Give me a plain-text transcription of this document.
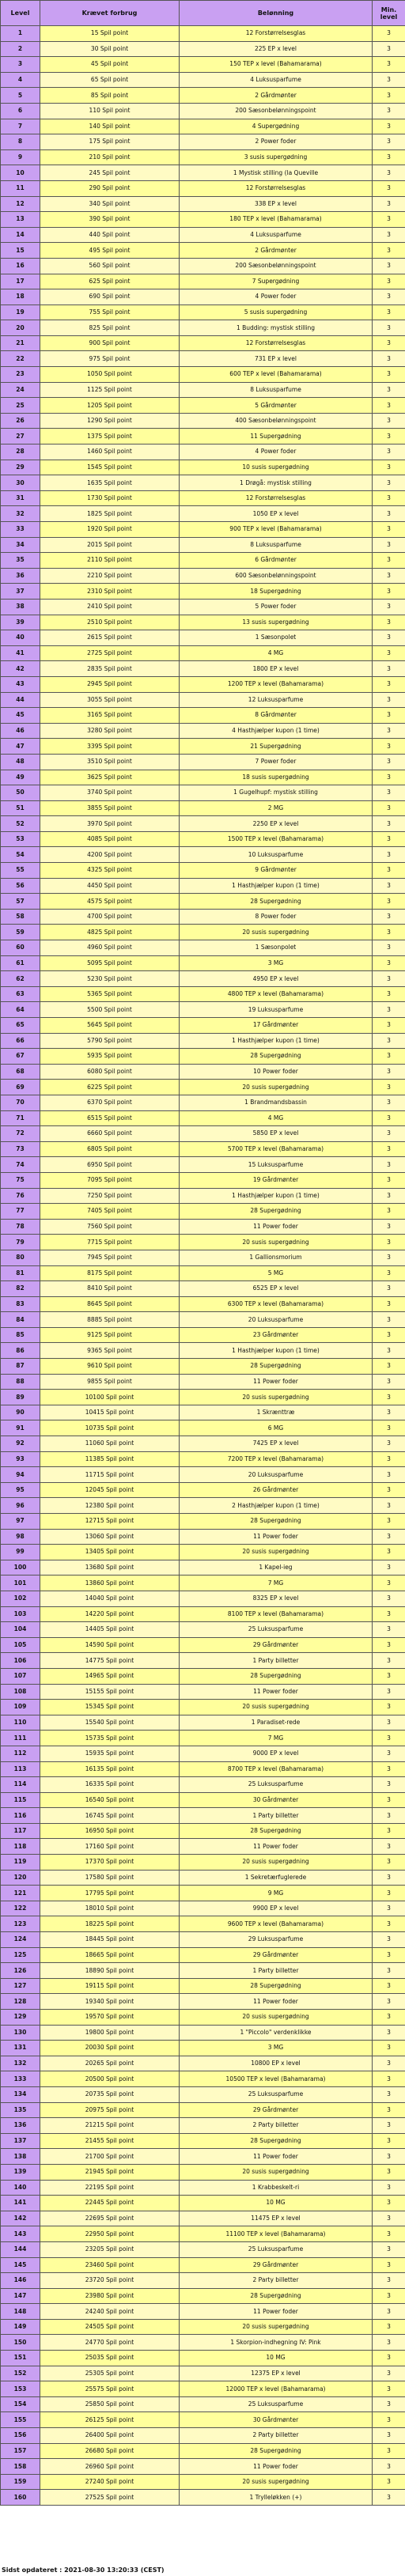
Level	Krævet forbrug	Belønning	Min.
level
1	15 Spil point	12 Forstørrelsesglas	3
2	30 Spil point	225 EP x level	3
3	45 Spil point	150 TEP x level (Bahamarama)	3
4	65 Spil point	4 Luksusparfume	3
5	85 Spil point	2 Gårdmønter	3
6	110 Spil point	200 Sæsonbelønningspoint	3
7	140 Spil point	4 Supergødning	3
8	175 Spil point	2 Power foder	3
9	210 Spil point	3 susis supergødning	3
10	245 Spil point	1 Mystisk stilling (la Queville	3
11	290 Spil point	12 Forstørrelsesglas	3
12	340 Spil point	338 EP x level	3
13	390 Spil point	180 TEP x level (Bahamarama)	3
14	440 Spil point	4 Luksusparfume	3
15	495 Spil point	2 Gårdmønter	3
16	560 Spil point	200 Sæsonbelønningspoint	3
17	625 Spil point	7 Supergødning	3
18	690 Spil point	4 Power foder	3
19	755 Spil point	5 susis supergødning	3
20	825 Spil point	1 Budding: mystisk stilling	3
21	900 Spil point	12 Forstørrelsesglas	3
22	975 Spil point	731 EP x level	3
23	1050 Spil point	600 TEP x level (Bahamarama)	3
24	1125 Spil point	8 Luksusparfume	3
25	1205 Spil point	5 Gårdmønter	3
26	1290 Spil point	400 Sæsonbelønningspoint	3
27	1375 Spil point	11 Supergødning	3
28	1460 Spil point	4 Power foder	3
29	1545 Spil point	10 susis supergødning	3
30	1635 Spil point	1 Drøgå: mystisk stilling	3
31	1730 Spil point	12 Forstørrelsesglas	3
32	1825 Spil point	1050 EP x level	3
33	1920 Spil point	900 TEP x level (Bahamarama)	3
34	2015 Spil point	8 Luksusparfume	3
35	2110 Spil point	6 Gårdmønter	3
36	2210 Spil point	600 Sæsonbelønningspoint	3
37	2310 Spil point	18 Supergødning	3
38	2410 Spil point	5 Power foder	3
39	2510 Spil point	13 susis supergødning	3
40	2615 Spil point	1 Sæsonpolet	3
41	2725 Spil point	4 MG	3
42	2835 Spil point	1800 EP x level	3
43	2945 Spil point	1200 TEP x level (Bahamarama)	3
44	3055 Spil point	12 Luksusparfume	3
45	3165 Spil point	8 Gårdmønter	3
46	3280 Spil point	4 Hasthjælper kupon (1 time)	3
47	3395 Spil point	21 Supergødning	3
48	3510 Spil point	7 Power foder	3
49	3625 Spil point	18 susis supergødning	3
50	3740 Spil point	1 Gugelhupf: mystisk stilling	3
51	3855 Spil point	2 MG	3
52	3970 Spil point	2250 EP x level	3
53	4085 Spil point	1500 TEP x level (Bahamarama)	3
54	4200 Spil point	10 Luksusparfume	3
55	4325 Spil point	9 Gårdmønter	3
56	4450 Spil point	1 Hasthjælper kupon (1 time)	3
57	4575 Spil point	28 Supergødning	3
58	4700 Spil point	8 Power foder	3
59	4825 Spil point	20 susis supergødning	3
60	4960 Spil point	1 Sæsonpolet	3
61	5095 Spil point	3 MG	3
62	5230 Spil point	4950 EP x level	3
63	5365 Spil point	4800 TEP x level (Bahamarama)	3
64	5500 Spil point	19 Luksusparfume	3
65	5645 Spil point	17 Gårdmønter	3
66	5790 Spil point	1 Hasthjælper kupon (1 time)	3
67	5935 Spil point	28 Supergødning	3
68	6080 Spil point	10 Power foder	3
69	6225 Spil point	20 susis supergødning	3
70	6370 Spil point	1 Brandmandsbassin	3
71	6515 Spil point	4 MG	3
72	6660 Spil point	5850 EP x level	3
73	6805 Spil point	5700 TEP x level (Bahamarama)	3
74	6950 Spil point	15 Luksusparfume	3
75	7095 Spil point	19 Gårdmønter	3
76	7250 Spil point	1 Hasthjælper kupon (1 time)	3
77	7405 Spil point	28 Supergødning	3
78	7560 Spil point	11 Power foder	3
79	7715 Spil point	20 susis supergødning	3
80	7945 Spil point	1 Gallionsmorium	3
81	8175 Spil point	5 MG	3
82	8410 Spil point	6525 EP x level	3
83	8645 Spil point	6300 TEP x level (Bahamarama)	3
84	8885 Spil point	20 Luksusparfume	3
85	9125 Spil point	23 Gårdmønter	3
86	9365 Spil point	1 Hasthjælper kupon (1 time)	3
87	9610 Spil point	28 Supergødning	3
88	9855 Spil point	11 Power foder	3
89	10100 Spil point	20 susis supergødning	3
90	10415 Spil point	1 Skrænttræ	3
91	10735 Spil point	6 MG	3
92	11060 Spil point	7425 EP x level	3
93	11385 Spil point	7200 TEP x level (Bahamarama)	3
94	11715 Spil point	20 Luksusparfume	3
95	12045 Spil point	26 Gårdmønter	3
96	12380 Spil point	2 Hasthjælper kupon (1 time)	3
97	12715 Spil point	28 Supergødning	3
98	13060 Spil point	11 Power foder	3
99	13405 Spil point	20 susis supergødning	3
100	13680 Spil point	1 Kapel-ieg	3
101	13860 Spil point	7 MG	3
102	14040 Spil point	8325 EP x level	3
103	14220 Spil point	8100 TEP x level (Bahamarama)	3
104	14405 Spil point	25 Luksusparfume	3
105	14590 Spil point	29 Gårdmønter	3
106	14775 Spil point	1 Party billetter	3
107	14965 Spil point	28 Supergødning	3
108	15155 Spil point	11 Power foder	3
109	15345 Spil point	20 susis supergødning	3
110	15540 Spil point	1 Paradiset-rede	3
111	15735 Spil point	7 MG	3
112	15935 Spil point	9000 EP x level	3
113	16135 Spil point	8700 TEP x level (Bahamarama)	3
114	16335 Spil point	25 Luksusparfume	3
115	16540 Spil point	30 Gårdmønter	3
116	16745 Spil point	1 Party billetter	3
117	16950 Spil point	28 Supergødning	3
118	17160 Spil point	11 Power foder	3
119	17370 Spil point	20 susis supergødning	3
120	17580 Spil point	1 Sekretærfuglerede	3
121	17795 Spil point	9 MG	3
122	18010 Spil point	9900 EP x level	3
123	18225 Spil point	9600 TEP x level (Bahamarama)	3
124	18445 Spil point	29 Luksusparfume	3
125	18665 Spil point	29 Gårdmønter	3
126	18890 Spil point	1 Party billetter	3
127	19115 Spil point	28 Supergødning	3
128	19340 Spil point	11 Power foder	3
129	19570 Spil point	20 susis supergødning	3
130	19800 Spil point	1 "Piccolo" verdenklikke	3
131	20030 Spil point	3 MG	3
132	20265 Spil point	10800 EP x level	3
133	20500 Spil point	10500 TEP x level (Bahamarama)	3
134	20735 Spil point	25 Luksusparfume	3
135	20975 Spil point	29 Gårdmønter	3
136	21215 Spil point	2 Party billetter	3
137	21455 Spil point	28 Supergødning	3
138	21700 Spil point	11 Power foder	3
139	21945 Spil point	20 susis supergødning	3
140	22195 Spil point	1 Krabbeskelt-ri	3
141	22445 Spil point	10 MG	3
142	22695 Spil point	11475 EP x level	3
143	22950 Spil point	11100 TEP x level (Bahamarama)	3
144	23205 Spil point	25 Luksusparfume	3
145	23460 Spil point	29 Gårdmønter	3
146	23720 Spil point	2 Party billetter	3
147	23980 Spil point	28 Supergødning	3
148	24240 Spil point	11 Power foder	3
149	24505 Spil point	20 susis supergødning	3
150	24770 Spil point	1 Skorpion-indhegning IV: Pink	3
151	25035 Spil point	10 MG	3
152	25305 Spil point	12375 EP x level	3
153	25575 Spil point	12000 TEP x level (Bahamarama)	3
154	25850 Spil point	25 Luksusparfume	3
155	26125 Spil point	30 Gårdmønter	3
156	26400 Spil point	2 Party billetter	3
157	26680 Spil point	28 Supergødning	3
158	26960 Spil point	11 Power foder	3
159	27240 Spil point	20 susis supergødning	3
160	27525 Spil point	1 Trylleløkken (+)	3
Sidst opdateret : 2021-08-30 13:20:33 (CEST)
